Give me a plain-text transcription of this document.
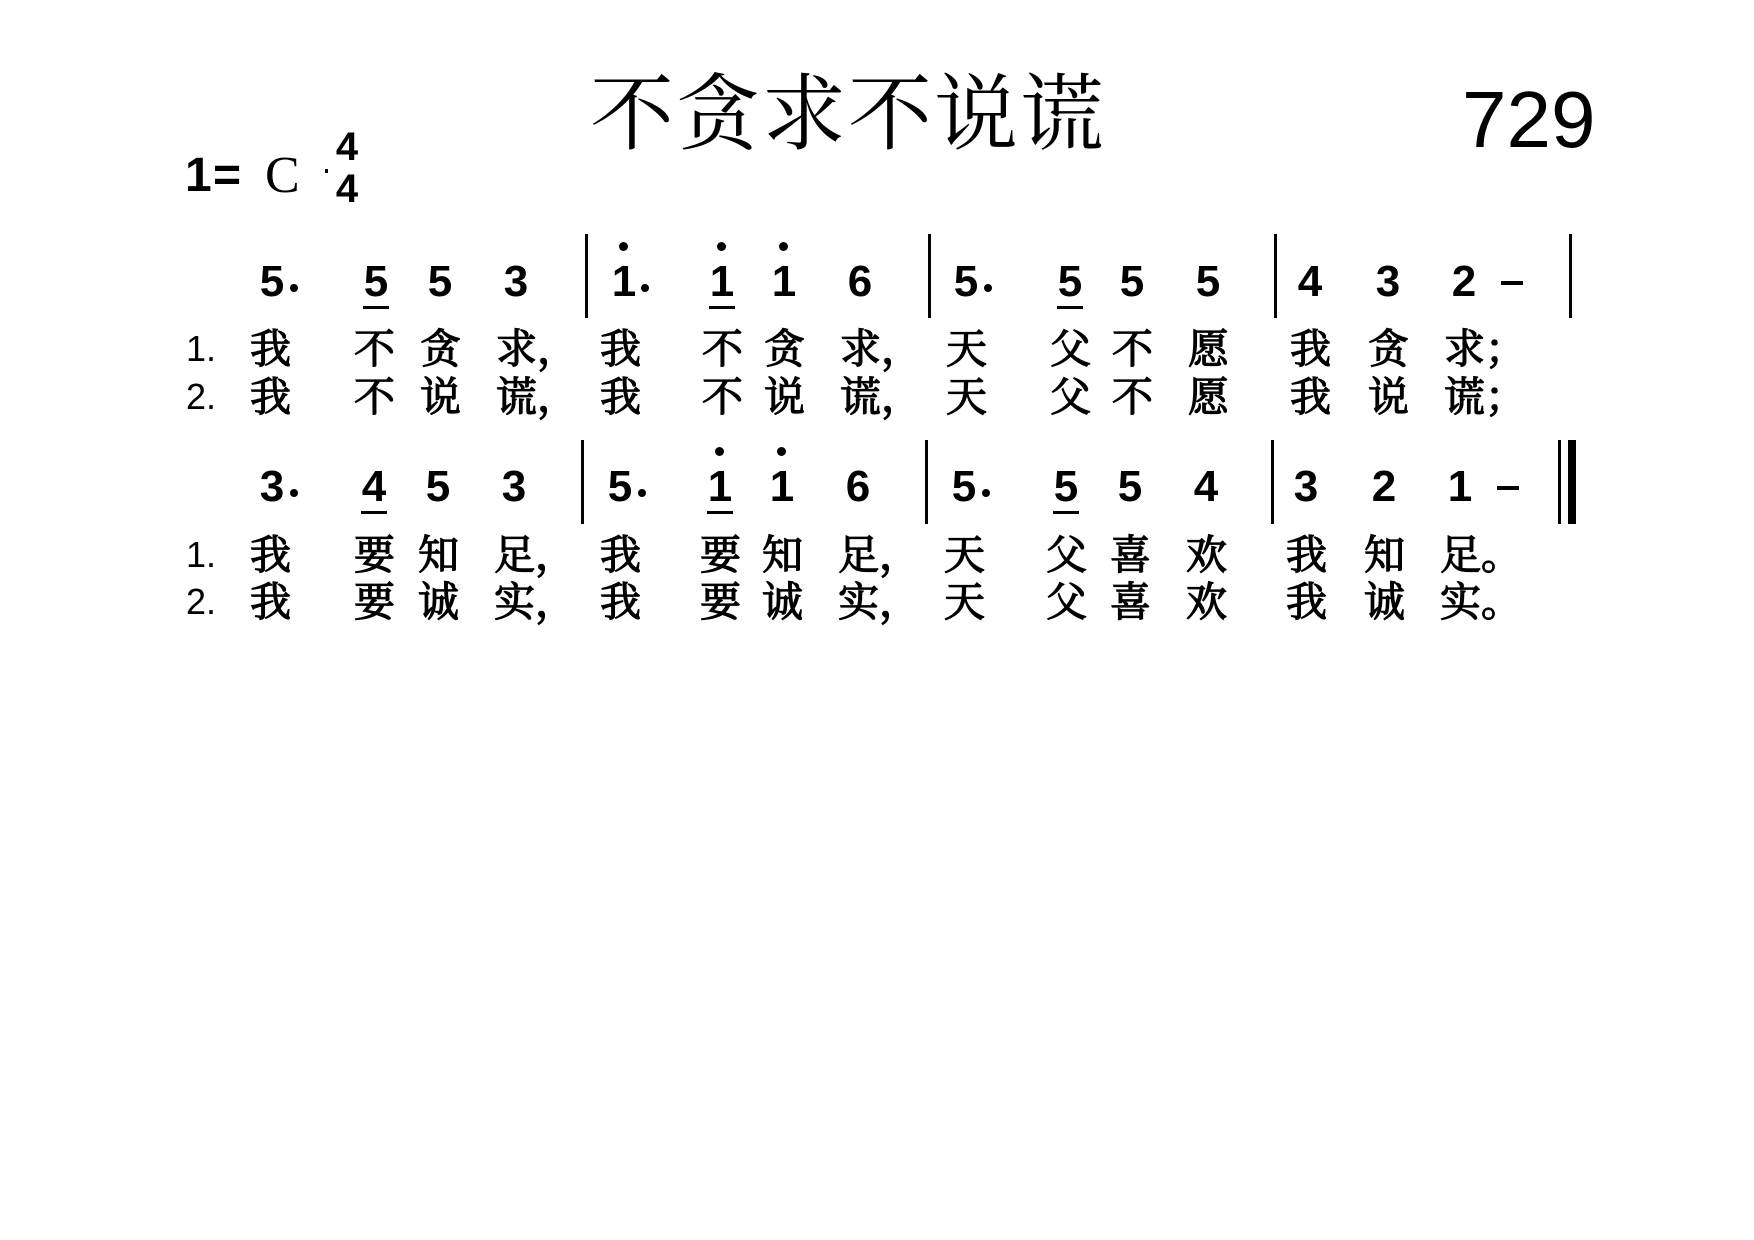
不贪求不说谎	729
1 = C 4
4
5 5 5 3 1 1 1 6 5 5 5 5 4 3 2
1.
2.
我 不 贪 求， 我 不 贪 求， 天 父 不 愿 我 贪 求；
我 不 说 谎， 我 不 说 谎， 天 父 不 愿 我 说 谎；
3 4 5 3 5 1 1 6 5 5 5 4 3 2 1
1.
2.
我 要 知 足， 我 要 知 足， 天 父 喜 欢 我 知 足。
我 要 诚 实， 我 要 诚 实， 天 父 喜 欢 我 诚 实。
